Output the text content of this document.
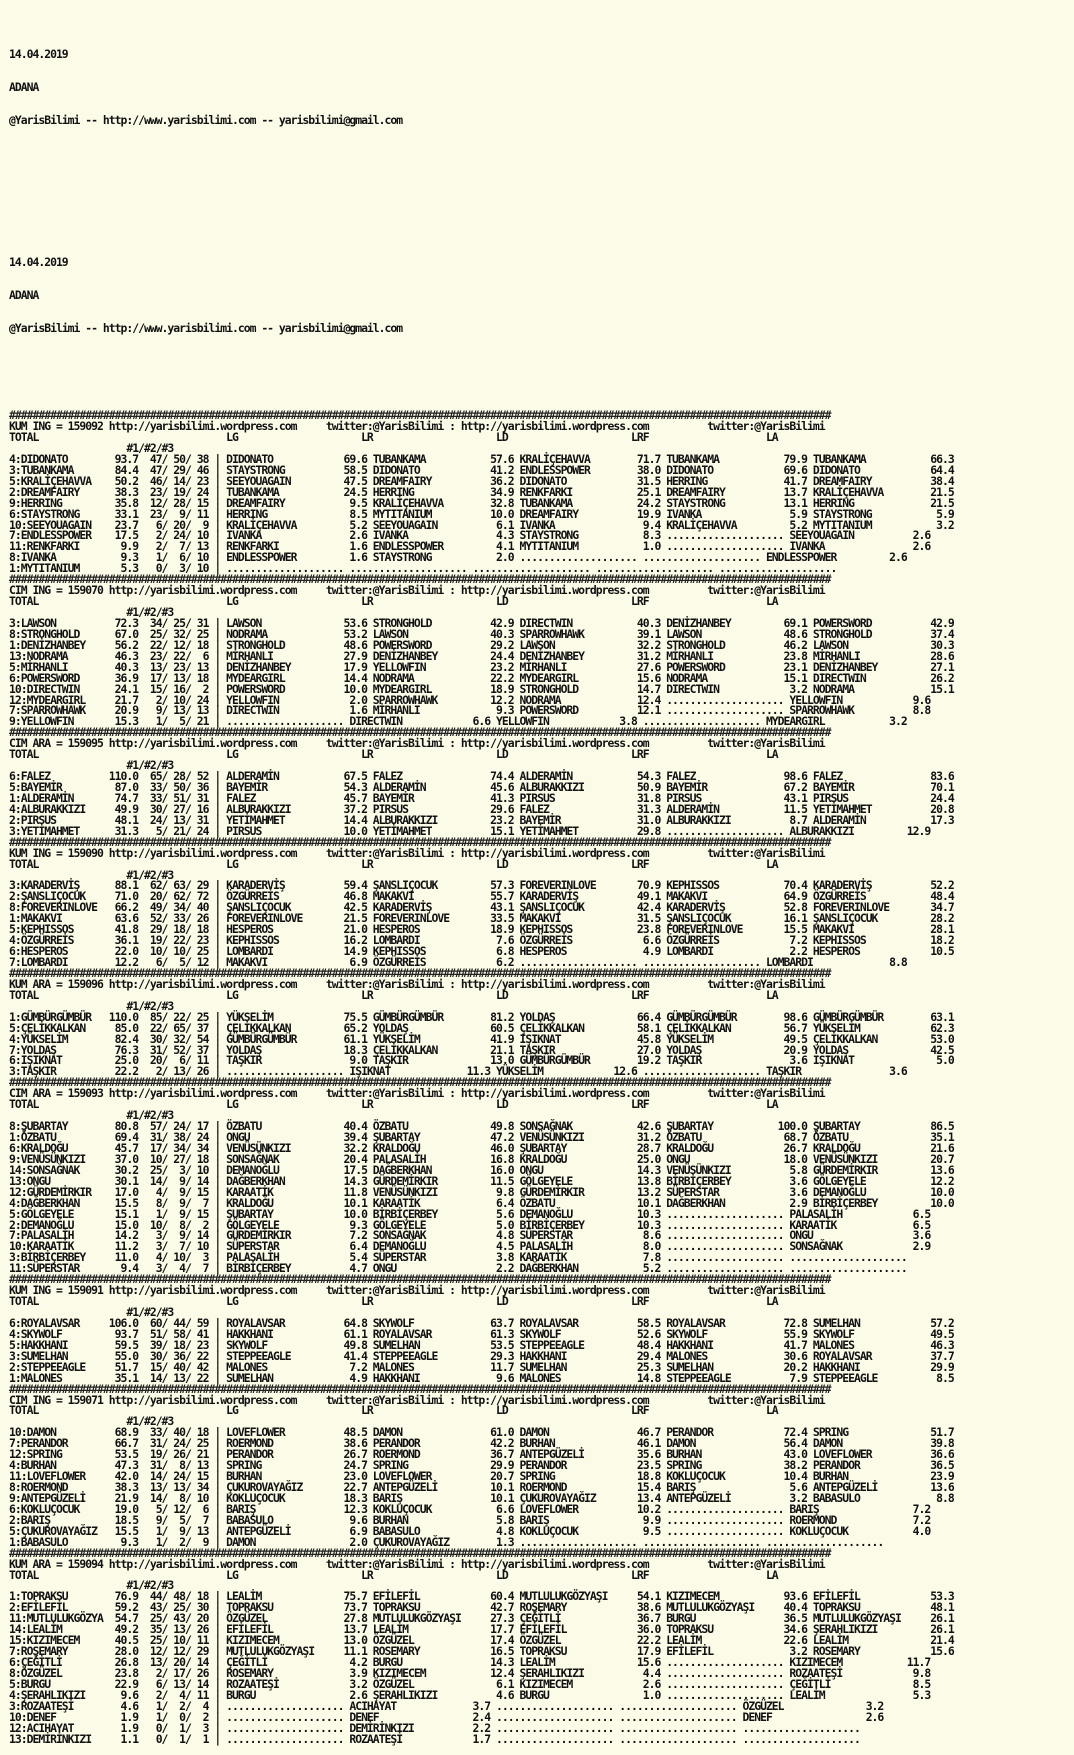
14.04.2019

ADANA

@YarisBilimi -- http://www.yarisbilimi.com -- yarisbilimi@gmail.com

14.04.2019

ADANA

@YarisBilimi -- http://www.yarisbilimi.com -- yarisbilimi@gmail.com

############################################################################################################################################
KUM ING = 159092 http://yarisbilimi.wordpress.com     twitter:@YarisBilimi : http://yarisbilimi.wordpress.com          twitter:@YarisBilimi
TOTAL                                LG                     LR                     LD                     LRF                    LA
#1/#2/#3
4:DIDONATO        93.7  47/ 50/ 38 | DIDONATO            69.6 TUBANKAMA           57.6 KRALİÇEHAVVA        71.7 TUBANKAMA           79.9 TUBANKAMA           66.3
3:TUBANKAMA       84.4  47/ 29/ 46 | STAYSTRONG          58.5 DIDONATO            41.2 ENDLESSPOWER        38.0 DIDONATO            69.6 DIDONATO            64.4
5:KRALİÇEHAVVA    50.2  46/ 14/ 23 | SEEYOUAGAIN         47.5 DREAMFAIRY          36.2 DIDONATO            31.5 HERRING             41.7 DREAMFAIRY          38.4
2:DREAMFAIRY      38.3  23/ 19/ 24 | TUBANKAMA           24.5 HERRING             34.9 RENKFARKI           25.1 DREAMFAIRY          13.7 KRALİÇEHAVVA        21.5
9:HERRING         35.8  12/ 28/ 15 | DREAMFAIRY           9.5 KRALİÇEHAVVA        32.8 TUBANKAMA           24.2 STAYSTRONG          13.1 HERRING             21.5
6:STAYSTRONG      33.1  23/  9/ 11 | HERRING              8.5 MYTITANIUM          10.0 DREAMFAIRY          19.9 IVANKA               5.9 STAYSTRONG           5.9
10:SEEYOUAGAIN    23.7   6/ 20/  9 | KRALİÇEHAVVA         5.2 SEEYOUAGAIN          6.1 IVANKA               9.4 KRALİÇEHAVVA         5.2 MYTITANIUM           3.2
7:ENDLESSPOWER    17.5   2/ 24/ 10 | IVANKA               2.6 IVANKA               4.3 STAYSTRONG           8.3 .................... SEEYOUAGAIN          2.6
11:RENKFARKI       9.9   2/  7/ 13 | RENKFARKI            1.6 ENDLESSPOWER         4.1 MYTITANIUM           1.0 .................... IVANKA               2.6
8:IVANKA           9.3   1/  6/ 10 | ENDLESSPOWER         1.6 STAYSTRONG           2.0 .................... .................... ENDLESSPOWER         2.6
1:MYTITANIUM       5.3   0/  3/ 10 | .................... .................... .................... .................... ....................
############################################################################################################################################
CIM ING = 159070 http://yarisbilimi.wordpress.com     twitter:@YarisBilimi : http://yarisbilimi.wordpress.com          twitter:@YarisBilimi
TOTAL                                LG                     LR                     LD                     LRF                    LA
#1/#2/#3
3:LAWSON          72.3  34/ 25/ 31 | LAWSON              53.6 STRONGHOLD          42.9 DIRECTWIN           40.3 DENİZHANBEY         69.1 POWERSWORD          42.9
8:STRONGHOLD      67.0  25/ 32/ 25 | NODRAMA             53.2 LAWSON              40.3 SPARROWHAWK         39.1 LAWSON              48.6 STRONGHOLD          37.4
1:DENİZHANBEY     56.2  22/ 12/ 18 | STRONGHOLD          48.6 POWERSWORD          29.2 LAWSON              32.2 STRONGHOLD          46.2 LAWSON              30.3
13:NODRAMA        46.3  23/ 22/  6 | MİRHANLI            27.9 DENİZHANBEY         24.4 DENİZHANBEY         31.2 MİRHANLI            23.8 MİRHANLI            28.6
5:MİRHANLI        40.3  13/ 23/ 13 | DENİZHANBEY         17.9 YELLOWFIN           23.2 MİRHANLI            27.6 POWERSWORD          23.1 DENİZHANBEY         27.1
6:POWERSWORD      36.9  17/ 13/ 18 | MYDEARGIRL          14.4 NODRAMA             22.2 MYDEARGIRL          15.6 NODRAMA             15.1 DIRECTWIN           26.2
10:DIRECTWIN      24.1  15/ 16/  2 | POWERSWORD          10.0 MYDEARGIRL          18.9 STRONGHOLD          14.7 DIRECTWIN            3.2 NODRAMA             15.1
12:MYDEARGIRL     21.7   2/ 10/ 24 | YELLOWFIN            2.0 SPARROWHAWK         12.2 NODRAMA             12.4 .................... YELLOWFIN            9.6
7:SPARROWHAWK     20.9   9/ 13/ 13 | DIRECTWIN            1.6 MİRHANLI             9.3 POWERSWORD          12.1 .................... SPARROWHAWK          8.8
9:YELLOWFIN       15.3   1/  5/ 21 | .................... DIRECTWIN            6.6 YELLOWFIN            3.8 .................... MYDEARGIRL           3.2
############################################################################################################################################
CIM ARA = 159095 http://yarisbilimi.wordpress.com     twitter:@YarisBilimi : http://yarisbilimi.wordpress.com          twitter:@YarisBilimi
TOTAL                                LG                     LR                     LD                     LRF                    LA
#1/#2/#3
6:FALEZ          110.0  65/ 28/ 52 | ALDERAMİN           67.5 FALEZ               74.4 ALDERAMİN           54.3 FALEZ               98.6 FALEZ               83.6
5:BAYEMİR         87.0  33/ 50/ 36 | BAYEMİR             54.3 ALDERAMİN           45.6 ALBURAKKIZI         50.9 BAYEMİR             67.2 BAYEMİR             70.1
1:ALDERAMİN       74.7  33/ 51/ 31 | FALEZ               45.7 BAYEMİR             41.3 PIRSUS              31.8 PIRSUS              43.1 PIRSUS              24.4
4:ALBURAKKIZI     49.9  30/ 27/ 16 | ALBURAKKIZI         37.2 PIRSUS              29.6 FALEZ               31.3 ALDERAMİN           11.5 YETİMAHMET          20.8
2:PIRSUS          48.1  24/ 13/ 31 | YETİMAHMET          14.4 ALBURAKKIZI         23.2 BAYEMİR             31.0 ALBURAKKIZI          8.7 ALDERAMİN           17.3
3:YETİMAHMET      31.3   5/ 21/ 24 | PIRSUS              10.0 YETİMAHMET          15.1 YETİMAHMET          29.8 .................... ALBURAKKIZI         12.9
############################################################################################################################################
KUM ING = 159090 http://yarisbilimi.wordpress.com     twitter:@YarisBilimi : http://yarisbilimi.wordpress.com          twitter:@YarisBilimi
TOTAL                                LG                     LR                     LD                     LRF                    LA
#1/#2/#3
3:KARADERVİŞ      88.1  62/ 63/ 29 | KARADERVİŞ          59.4 ŞANSLIÇOCUK         57.3 FOREVERINLOVE       70.9 KEPHISSOS           70.4 KARADERVİŞ          52.2
2:ŞANSLIÇOCUK     71.0  20/ 62/ 72 | ÖZGÜRREİS           46.8 MAKAKVI             55.7 KARADERVİŞ          49.1 MAKAKVI             64.9 ÖZGÜRREİS           48.4
8:FOREVERINLOVE   66.2  49/ 34/ 40 | ŞANSLIÇOCUK         42.5 KARADERVİŞ          43.1 ŞANSLIÇOCUK         42.4 KARADERVİŞ          52.8 FOREVERINLOVE       34.7
1:MAKAKVI         63.6  52/ 33/ 26 | FOREVERINLOVE       21.5 FOREVERINLOVE       33.5 MAKAKVI             31.5 ŞANSLIÇOCUK         16.1 ŞANSLIÇOCUK         28.2
5:KEPHISSOS       41.8  29/ 18/ 18 | HESPEROS            21.0 HESPEROS            18.9 KEPHISSOS           23.8 FOREVERINLOVE       15.5 MAKAKVI             28.1
4:ÖZGÜRREİS       36.1  19/ 22/ 23 | KEPHISSOS           16.2 LOMBARDI             7.6 ÖZGÜRREİS            6.6 ÖZGÜRREİS            7.2 KEPHISSOS           18.2
6:HESPEROS        22.0  10/ 10/ 25 | LOMBARDI            14.9 KEPHISSOS            6.8 HESPEROS             4.9 LOMBARDI             2.2 HESPEROS            10.5
7:LOMBARDI        12.2   6/  5/ 12 | MAKAKVI              6.9 ÖZGÜRREİS            6.2 .................... .................... LOMBARDI             8.8
############################################################################################################################################
KUM ARA = 159096 http://yarisbilimi.wordpress.com     twitter:@YarisBilimi : http://yarisbilimi.wordpress.com          twitter:@YarisBilimi
TOTAL                                LG                     LR                     LD                     LRF                    LA
#1/#2/#3
1:GÜMBÜRGÜMBÜR   110.0  85/ 22/ 25 | YÜKSELİM            75.5 GÜMBÜRGÜMBÜR        81.2 YOLDAŞ              66.4 GÜMBÜRGÜMBÜR        98.6 GÜMBÜRGÜMBÜR        63.1
5:ÇELİKKALKAN     85.0  22/ 65/ 37 | ÇELİKKALKAN         65.2 YOLDAŞ              60.5 ÇELİKKALKAN         58.1 ÇELİKKALKAN         56.7 YÜKSELİM            62.3
4:YÜKSELİM        82.4  30/ 32/ 54 | GÜMBÜRGÜMBÜR        61.1 YÜKSELİM            41.9 IŞIKNAT             45.8 YÜKSELİM            49.5 ÇELİKKALKAN         53.0
7:YOLDAŞ          76.3  31/ 52/ 37 | YOLDAŞ              18.3 ÇELİKKALKAN         21.1 TAŞKIR              27.0 YOLDAŞ              20.9 YOLDAŞ              42.5
6:IŞIKNAT         25.0  20/  6/ 11 | TAŞKIR               9.0 TAŞKIR              13.0 GÜMBÜRGÜMBÜR        19.2 TAŞKIR               3.6 IŞIKNAT              5.0
3:TAŞKIR          22.2   2/ 13/ 26 | .................... IŞIKNAT             11.3 YÜKSELİM            12.6 .................... TAŞKIR               3.6
############################################################################################################################################
CIM ARA = 159093 http://yarisbilimi.wordpress.com     twitter:@YarisBilimi : http://yarisbilimi.wordpress.com          twitter:@YarisBilimi
TOTAL                                LG                     LR                     LD                     LRF                    LA
#1/#2/#3
8:ŞUBARTAY        80.8  57/ 24/ 17 | ÖZBATU              40.4 ÖZBATU              49.8 SONSAĞNAK           42.6 ŞUBARTAY           100.0 ŞUBARTAY            86.5
1:ÖZBATU          69.4  31/ 38/ 24 | ONGU                39.4 ŞUBARTAY            47.2 VENÜSÜNKIZI         31.2 ÖZBATU              68.7 ÖZBATU              35.1
6:KRALDOĞU        45.7  17/ 34/ 34 | VENÜSÜNKIZI         32.2 KRALDOĞU            46.0 ŞUBARTAY            28.7 KRALDOĞU            26.7 KRALDOĞU            21.6
9:VENÜSÜNKIZI     37.0  10/ 27/ 18 | SONSAĞNAK           20.4 PALASALİH           16.8 KRALDOĞU            25.0 ONGU                18.0 VENÜSÜNKIZI         20.7
14:SONSAĞNAK      30.2  25/  3/ 10 | DEMANOĞLU           17.5 DAĞBERKHAN          16.0 ONGU                14.3 VENÜSÜNKIZI          5.8 GÜRDEMİRKIR         13.6
13:ONGU           30.1  14/  9/ 14 | DAĞBERKHAN          14.3 GÜRDEMİRKIR         11.5 GÖLGEYELE           13.8 BİRBİÇERBEY          3.6 GÖLGEYELE           12.2
12:GÜRDEMİRKIR    17.0   4/  9/ 15 | KARAATİK            11.8 VENÜSÜNKIZI          9.8 GÜRDEMİRKIR         13.2 SÜPERSTAR            3.6 DEMANOĞLU           10.0
4:DAĞBERKHAN      15.5   8/  9/  7 | KRALDOĞU            10.1 KARAATİK             6.4 ÖZBATU              10.1 DAĞBERKHAN           2.9 BİRBİÇERBEY         10.0
5:GÖLGEYELE       15.1   1/  9/ 15 | ŞUBARTAY            10.0 BİRBİÇERBEY          5.6 DEMANOĞLU           10.3 .................... PALASALİH            6.5
2:DEMANOĞLU       15.0  10/  8/  2 | GÖLGEYELE            9.3 GÖLGEYELE            5.0 BİRBİÇERBEY         10.3 .................... KARAATİK             6.5
7:PALASALİH       14.2   3/  9/ 14 | GÜRDEMİRKIR          7.2 SONSAĞNAK            4.8 SÜPERSTAR            8.6 .................... ONGU                 3.6
10:KARAATİK       11.2   3/  7/ 10 | SÜPERSTAR            6.4 DEMANOĞLU            4.5 PALASALİH            8.0 .................... SONSAĞNAK            2.9
3:BİRBİÇERBEY     11.0   4/ 10/  3 | PALASALİH            5.4 SÜPERSTAR            3.8 KARAATİK             7.8 .................... ....................
11:SÜPERSTAR       9.4   3/  4/  7 | BİRBİÇERBEY          4.7 ONGU                 2.2 DAĞBERKHAN           5.2 .................... ....................
############################################################################################################################################
KUM ING = 159091 http://yarisbilimi.wordpress.com     twitter:@YarisBilimi : http://yarisbilimi.wordpress.com          twitter:@YarisBilimi
TOTAL                                LG                     LR                     LD                     LRF                    LA
#1/#2/#3
6:ROYALAVSAR     106.0  60/ 44/ 59 | ROYALAVSAR          64.8 SKYWOLF             63.7 ROYALAVSAR          58.5 ROYALAVSAR          72.8 SUMELHAN            57.2
4:SKYWOLF         93.7  51/ 58/ 41 | HAKKHANI            61.1 ROYALAVSAR          61.3 SKYWOLF             52.6 SKYWOLF             55.9 SKYWOLF             49.5
5:HAKKHANI        59.5  39/ 18/ 23 | SKYWOLF             49.8 SUMELHAN            53.5 STEPPEEAGLE         48.4 HAKKHANI            41.7 MALONES             46.3
3:SUMELHAN        55.0  30/ 36/ 22 | STEPPEEAGLE         41.4 STEPPEEAGLE         29.3 HAKKHANI            29.4 MALONES             30.6 ROYALAVSAR          37.7
2:STEPPEEAGLE     51.7  15/ 40/ 42 | MALONES              7.2 MALONES             11.7 SUMELHAN            25.3 SUMELHAN            20.2 HAKKHANI            29.9
1:MALONES         35.1  14/ 13/ 22 | SUMELHAN             4.9 HAKKHANI             9.6 MALONES             14.8 STEPPEEAGLE          7.9 STEPPEEAGLE          8.5
############################################################################################################################################
CIM ING = 159071 http://yarisbilimi.wordpress.com     twitter:@YarisBilimi : http://yarisbilimi.wordpress.com          twitter:@YarisBilimi
TOTAL                                LG                     LR                     LD                     LRF                    LA
#1/#2/#3
10:DAMON          68.9  33/ 40/ 18 | LOVEFLOWER          48.5 DAMON               61.0 DAMON               46.7 PERANDOR            72.4 SPRING              51.7
7:PERANDOR        66.7  31/ 24/ 25 | ROERMOND            38.6 PERANDOR            42.2 BURHAN              46.1 DAMON               56.4 DAMON               39.8
12:SPRING         53.5  19/ 26/ 21 | PERANDOR            26.7 ROERMOND            36.7 ANTEPGÜZELİ         35.6 BURHAN              43.0 LOVEFLOWER          36.6
4:BURHAN          47.3  31/  8/ 13 | SPRING              24.7 SPRING              29.9 PERANDOR            23.5 SPRING              38.2 PERANDOR            36.5
11:LOVEFLOWER     42.0  14/ 24/ 15 | BURHAN              23.0 LOVEFLOWER          20.7 SPRING              18.8 KOKLUÇOCUK          10.4 BURHAN              23.9
8:ROERMOND        38.3  13/ 13/ 34 | ÇUKUROVAYAĞIZ       22.7 ANTEPGÜZELİ         10.1 ROERMOND            15.4 BARIŞ                5.6 ANTEPGÜZELİ         13.6
9:ANTEPGÜZELİ     21.9  14/  8/ 10 | KOKLUÇOCUK          18.3 BARIŞ               10.1 ÇUKUROVAYAĞIZ       13.4 ANTEPGÜZELİ          3.2 BABASULO             8.8
6:KOKLUÇOCUK      19.0   5/ 12/  6 | BARIŞ               12.3 KOKLUÇOCUK           6.6 LOVEFLOWER          10.2 .................... BARIŞ                7.2
2:BARIŞ           18.5   9/  5/  7 | BABASULO             9.6 BURHAN               5.8 BARIŞ                9.9 .................... ROERMOND             7.2
5:ÇUKUROVAYAĞIZ   15.5   1/  9/ 13 | ANTEPGÜZELİ          6.9 BABASULO             4.8 KOKLUÇOCUK           9.5 .................... KOKLUÇOCUK           4.0
1:BABASULO         9.3   1/  2/  9 | DAMON                2.0 ÇUKUROVAYAĞIZ        1.3 .................... .................... ....................
############################################################################################################################################
KUM ARA = 159094 http://yarisbilimi.wordpress.com     twitter:@YarisBilimi : http://yarisbilimi.wordpress.com          twitter:@YarisBilimi
TOTAL                                LG                     LR                     LD                     LRF                    LA
#1/#2/#3
1:TOPRAKSU        76.9  44/ 48/ 18 | LEALİM              75.7 EFİLEFİL            60.4 MUTLULUKGÖZYAŞI     54.1 KIZIMECEM           93.6 EFİLEFİL            53.3
2:EFİLEFİL        59.2  43/ 25/ 30 | TOPRAKSU            73.7 TOPRAKSU            42.7 ROŞEMARY            38.6 MUTLULUKGÖZYAŞI     40.4 TOPRAKSU            48.1
11:MUTLULUKGÖZYA  54.7  25/ 43/ 20 | ÖZGÜZEL             27.8 MUTLULUKGÖZYAŞI     27.3 ÇEĞİTLİ             36.7 BURGU               36.5 MUTLULUKGÖZYAŞI     26.1
14:LEALİM         49.2  35/ 13/ 26 | EFİLEFİL            13.7 LEALİM              17.7 EFİLEFİL            36.0 TOPRAKSU            34.6 ŞERAHLIKIZI         26.1
15:KIZIMECEM      40.5  25/ 10/ 11 | KIZIMECEM           13.0 ÖZGÜZEL             17.4 ÖZGÜZEL             22.2 LEALİM              22.6 LEALİM              21.4
7:ROŞEMARY        28.0  12/ 12/ 29 | MUTLULUKGÖZYAŞI     11.1 ROSEMARY            16.5 TOPRAKSU            17.9 EFİLEFİL             3.2 ROSEMARY            15.6
6:ÇEĞİTLİ         26.8  13/ 20/ 14 | ÇEĞİTLİ              4.2 BURGU               14.3 LEALİM              15.6 .................... KIZIMECEM           11.7
8:ÖZGÜZEL         23.8   2/ 17/ 26 | ROSEMARY             3.9 KIZIMECEM           12.4 ŞERAHLIKIZI          4.4 .................... ROZAATEŞİ            9.8
5:BURGU           22.9   6/ 13/ 14 | ROZAATEŞİ            3.2 ÖZGÜZEL              6.1 KIZIMECEM            2.6 .................... ÇEĞİTLİ              8.5
4:ŞERAHLIKIZI      9.6   2/  4/ 11 | BURGU                2.6 ŞERAHLIKIZI          4.6 BURGU                1.0 .................... LEALİM               5.3
3:ROZAATEŞİ        4.6   1/  2/  4 | .................... ACIHAYAT             3.7 .................... .................... ÖZGÜZEL              3.2
10:DENEF           1.9   1/  0/  2 | .................... DENEF                2.4 .................... .................... DENEF                2.6
12:ACIHAYAT        1.9   0/  1/  3 | .................... DEMİRİNKIZI          2.2 .................... .................... ....................
13:DEMİRİNKIZI     1.1   0/  1/  1 | .................... ROZAATEŞİ            1.7 .................... .................... ....................
